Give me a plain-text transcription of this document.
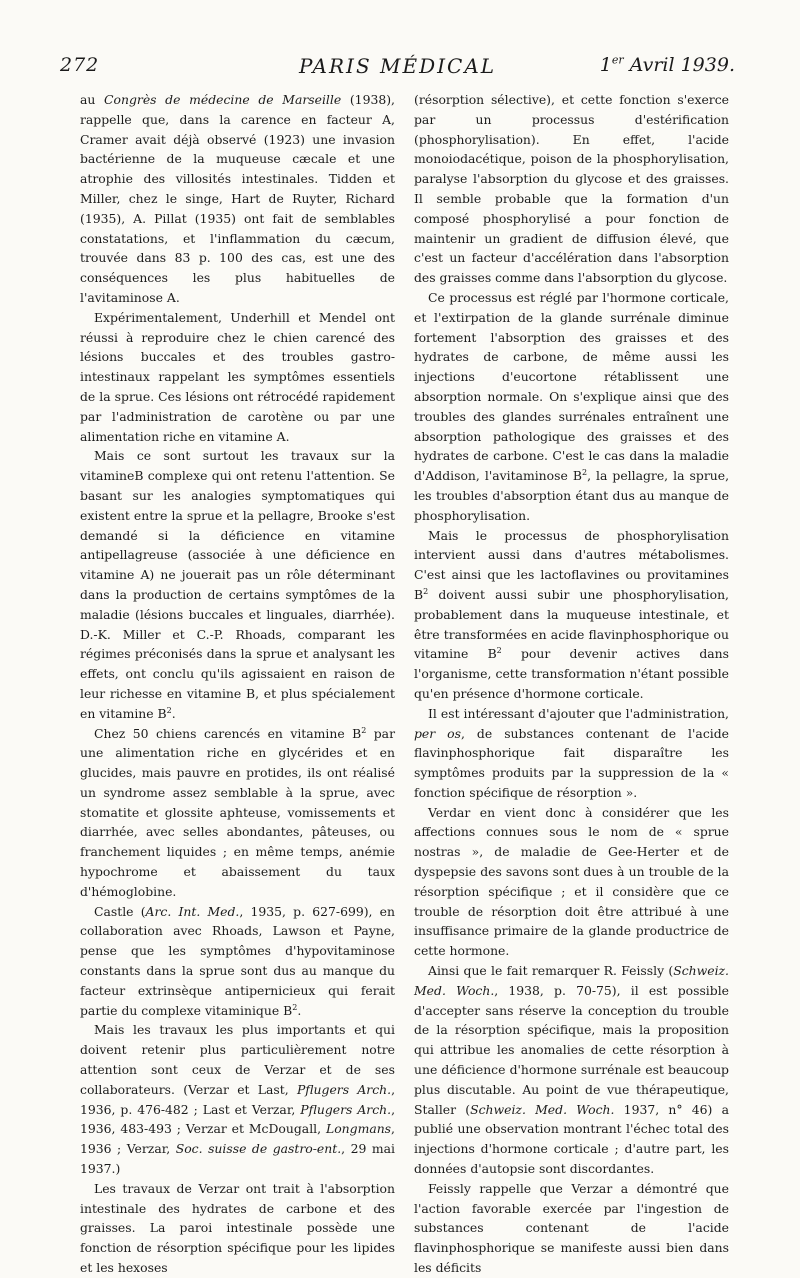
272	PARIS MÉDICAL	1er Avril 1939.

au Congrès de médecine de Marseille (1938), rappelle que, dans la carence en facteur A, Cramer avait déjà observé (1923) une invasion bactérienne de la muqueuse cæcale et une atrophie des villosités intestinales. Tidden et Miller, chez le singe, Hart de Ruyter, Richard (1935), A. Pillat (1935) ont fait de semblables constatations, et l'inflammation du cæcum, trouvée dans 83 p. 100 des cas, est une des conséquences les plus habituelles de l'avitaminose A.

Expérimentalement, Underhill et Mendel ont réussi à reproduire chez le chien carencé des lésions buccales et des troubles gastro-intestinaux rappelant les symptômes essentiels de la sprue. Ces lésions ont rétrocédé rapidement par l'administration de carotène ou par une alimentation riche en vitamine A.

Mais ce sont surtout les travaux sur la vitamineB complexe qui ont retenu l'attention. Se basant sur les analogies symptomatiques qui existent entre la sprue et la pellagre, Brooke s'est demandé si la déficience en vitamine antipellagreuse (associée à une déficience en vitamine A) ne jouerait pas un rôle déterminant dans la production de certains symptômes de la maladie (lésions buccales et linguales, diarrhée). D.-K. Miller et C.-P. Rhoads, comparant les régimes préconisés dans la sprue et analysant les effets, ont conclu qu'ils agissaient en raison de leur richesse en vitamine B, et plus spécialement en vitamine $B^2$.

Chez 50 chiens carencés en vitamine $B^2$ par une alimentation riche en glycérides et en glucides, mais pauvre en protides, ils ont réalisé un syndrome assez semblable à la sprue, avec stomatite et glossite aphteuse, vomissements et diarrhée, avec selles abondantes, pâteuses, ou franchement liquides ; en même temps, anémie hypochrome et abaissement du taux d'hémoglobine.

Castle (Arc. Int. Med., 1935, p. 627-699), en collaboration avec Rhoads, Lawson et Payne, pense que les symptômes d'hypovitaminose constants dans la sprue sont dus au manque du facteur extrinsèque antipernicieux qui ferait partie du complexe vitaminique $B^2$.

Mais les travaux les plus importants et qui doivent retenir plus particulièrement notre attention sont ceux de Verzar et de ses collaborateurs. (Verzar et Last, Pflugers Arch., 1936, p. 476-482 ; Last et Verzar, Pflugers Arch., 1936, 483-493 ; Verzar et McDougall, Longmans, 1936 ; Verzar, Soc. suisse de gastro-ent., 29 mai 1937.)

Les travaux de Verzar ont trait à l'absorption intestinale des hydrates de carbone et des graisses. La paroi intestinale possède une fonction de résorption spécifique pour les lipides et les hexoses

(résorption sélective), et cette fonction s'exerce par un processus d'estérification (phosphorylisation). En effet, l'acide monoiodacétique, poison de la phosphorylisation, paralyse l'absorption du glycose et des graisses. Il semble probable que la formation d'un composé phosphorylisé a pour fonction de maintenir un gradient de diffusion élevé, que c'est un facteur d'accélération dans l'absorption des graisses comme dans l'absorption du glycose.

Ce processus est réglé par l'hormone corticale, et l'extirpation de la glande surrénale diminue fortement l'absorption des graisses et des hydrates de carbone, de même aussi les injections d'eucortone rétablissent une absorption normale. On s'explique ainsi que des troubles des glandes surrénales entraînent une absorption pathologique des graisses et des hydrates de carbone. C'est le cas dans la maladie d'Addison, l'avitaminose $B^2$, la pellagre, la sprue, les troubles d'absorption étant dus au manque de phosphorylisation.

Mais le processus de phosphorylisation intervient aussi dans d'autres métabolismes. C'est ainsi que les lactoflavines ou provitamines $B^2$ doivent aussi subir une phosphorylisation, probablement dans la muqueuse intestinale, et être transformées en acide flavinphosphorique ou vitamine $B^2$ pour devenir actives dans l'organisme, cette transformation n'étant possible qu'en présence d'hormone corticale.

Il est intéressant d'ajouter que l'administration, per os, de substances contenant de l'acide flavinphosphorique fait disparaître les symptômes produits par la suppression de la « fonction spécifique de résorption ».

Verdar en vient donc à considérer que les affections connues sous le nom de « sprue nostras », de maladie de Gee-Herter et de dyspepsie des savons sont dues à un trouble de la résorption spécifique ; et il considère que ce trouble de résorption doit être attribué à une insuffisance primaire de la glande productrice de cette hormone.

Ainsi que le fait remarquer R. Feissly (Schweiz. Med. Woch., 1938, p. 70-75), il est possible d'accepter sans réserve la conception du trouble de la résorption spécifique, mais la proposition qui attribue les anomalies de cette résorption à une déficience d'hormone surrénale est beaucoup plus discutable. Au point de vue thérapeutique, Staller (Schweiz. Med. Woch. 1937, n° 46) a publié une observation montrant l'échec total des injections d'hormone corticale ; d'autre part, les données d'autopsie sont discordantes.

Feissly rappelle que Verzar a démontré que l'action favorable exercée par l'ingestion de substances contenant de l'acide flavinphosphorique se manifeste aussi bien dans les déficits
